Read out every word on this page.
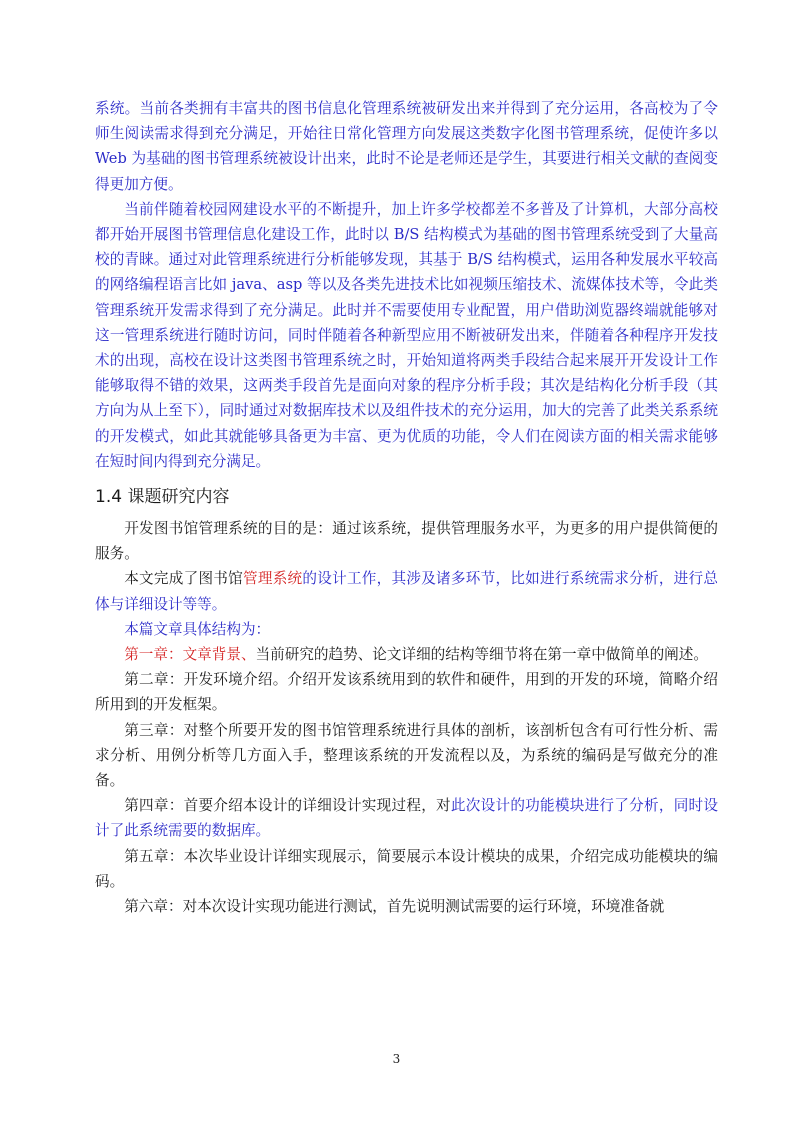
系统。当前各类拥有丰富共的图书信息化管理系统被研发出来并得到了充分运用，各高校为了令师生阅读需求得到充分满足，开始往日常化管理方向发展这类数字化图书管理系统，促使许多以 Web 为基础的图书管理系统被设计出来，此时不论是老师还是学生，其要进行相关文献的查阅变得更加方便。

当前伴随着校园网建设水平的不断提升，加上许多学校都差不多普及了计算机，大部分高校都开始开展图书管理信息化建设工作，此时以 B/S 结构模式为基础的图书管理系统受到了大量高校的青睐。通过对此管理系统进行分析能够发现，其基于 B/S 结构模式，运用各种发展水平较高的网络编程语言比如 java、asp 等以及各类先进技术比如视频压缩技术、流媒体技术等，令此类管理系统开发需求得到了充分满足。此时并不需要使用专业配置，用户借助浏览器终端就能够对这一管理系统进行随时访问，同时伴随着各种新型应用不断被研发出来，伴随着各种程序开发技术的出现，高校在设计这类图书管理系统之时，开始知道将两类手段结合起来展开开发设计工作能够取得不错的效果，这两类手段首先是面向对象的程序分析手段；其次是结构化分析手段（其方向为从上至下），同时通过对数据库技术以及组件技术的充分运用，加大的完善了此类关系系统的开发模式，如此其就能够具备更为丰富、更为优质的功能，令人们在阅读方面的相关需求能够在短时间内得到充分满足。

1.4 课题研究内容

开发图书馆管理系统的目的是：通过该系统，提供管理服务水平，为更多的用户提供简便的服务。

本文完成了图书馆管理系统的设计工作，其涉及诸多环节，比如进行系统需求分析，进行总体与详细设计等等。

本篇文章具体结构为：

第一章：文章背景、当前研究的趋势、论文详细的结构等细节将在第一章中做简单的阐述。

第二章：开发环境介绍。介绍开发该系统用到的软件和硬件，用到的开发的环境，简略介绍所用到的开发框架。

第三章：对整个所要开发的图书馆管理系统进行具体的剖析，该剖析包含有可行性分析、需求分析、用例分析等几方面入手，整理该系统的开发流程以及，为系统的编码是写做充分的准备。

第四章：首要介绍本设计的详细设计实现过程，对此次设计的功能模块进行了分析，同时设计了此系统需要的数据库。

第五章：本次毕业设计详细实现展示，简要展示本设计模块的成果，介绍完成功能模块的编码。

第六章：对本次设计实现功能进行测试，首先说明测试需要的运行环境，环境准备就

3
